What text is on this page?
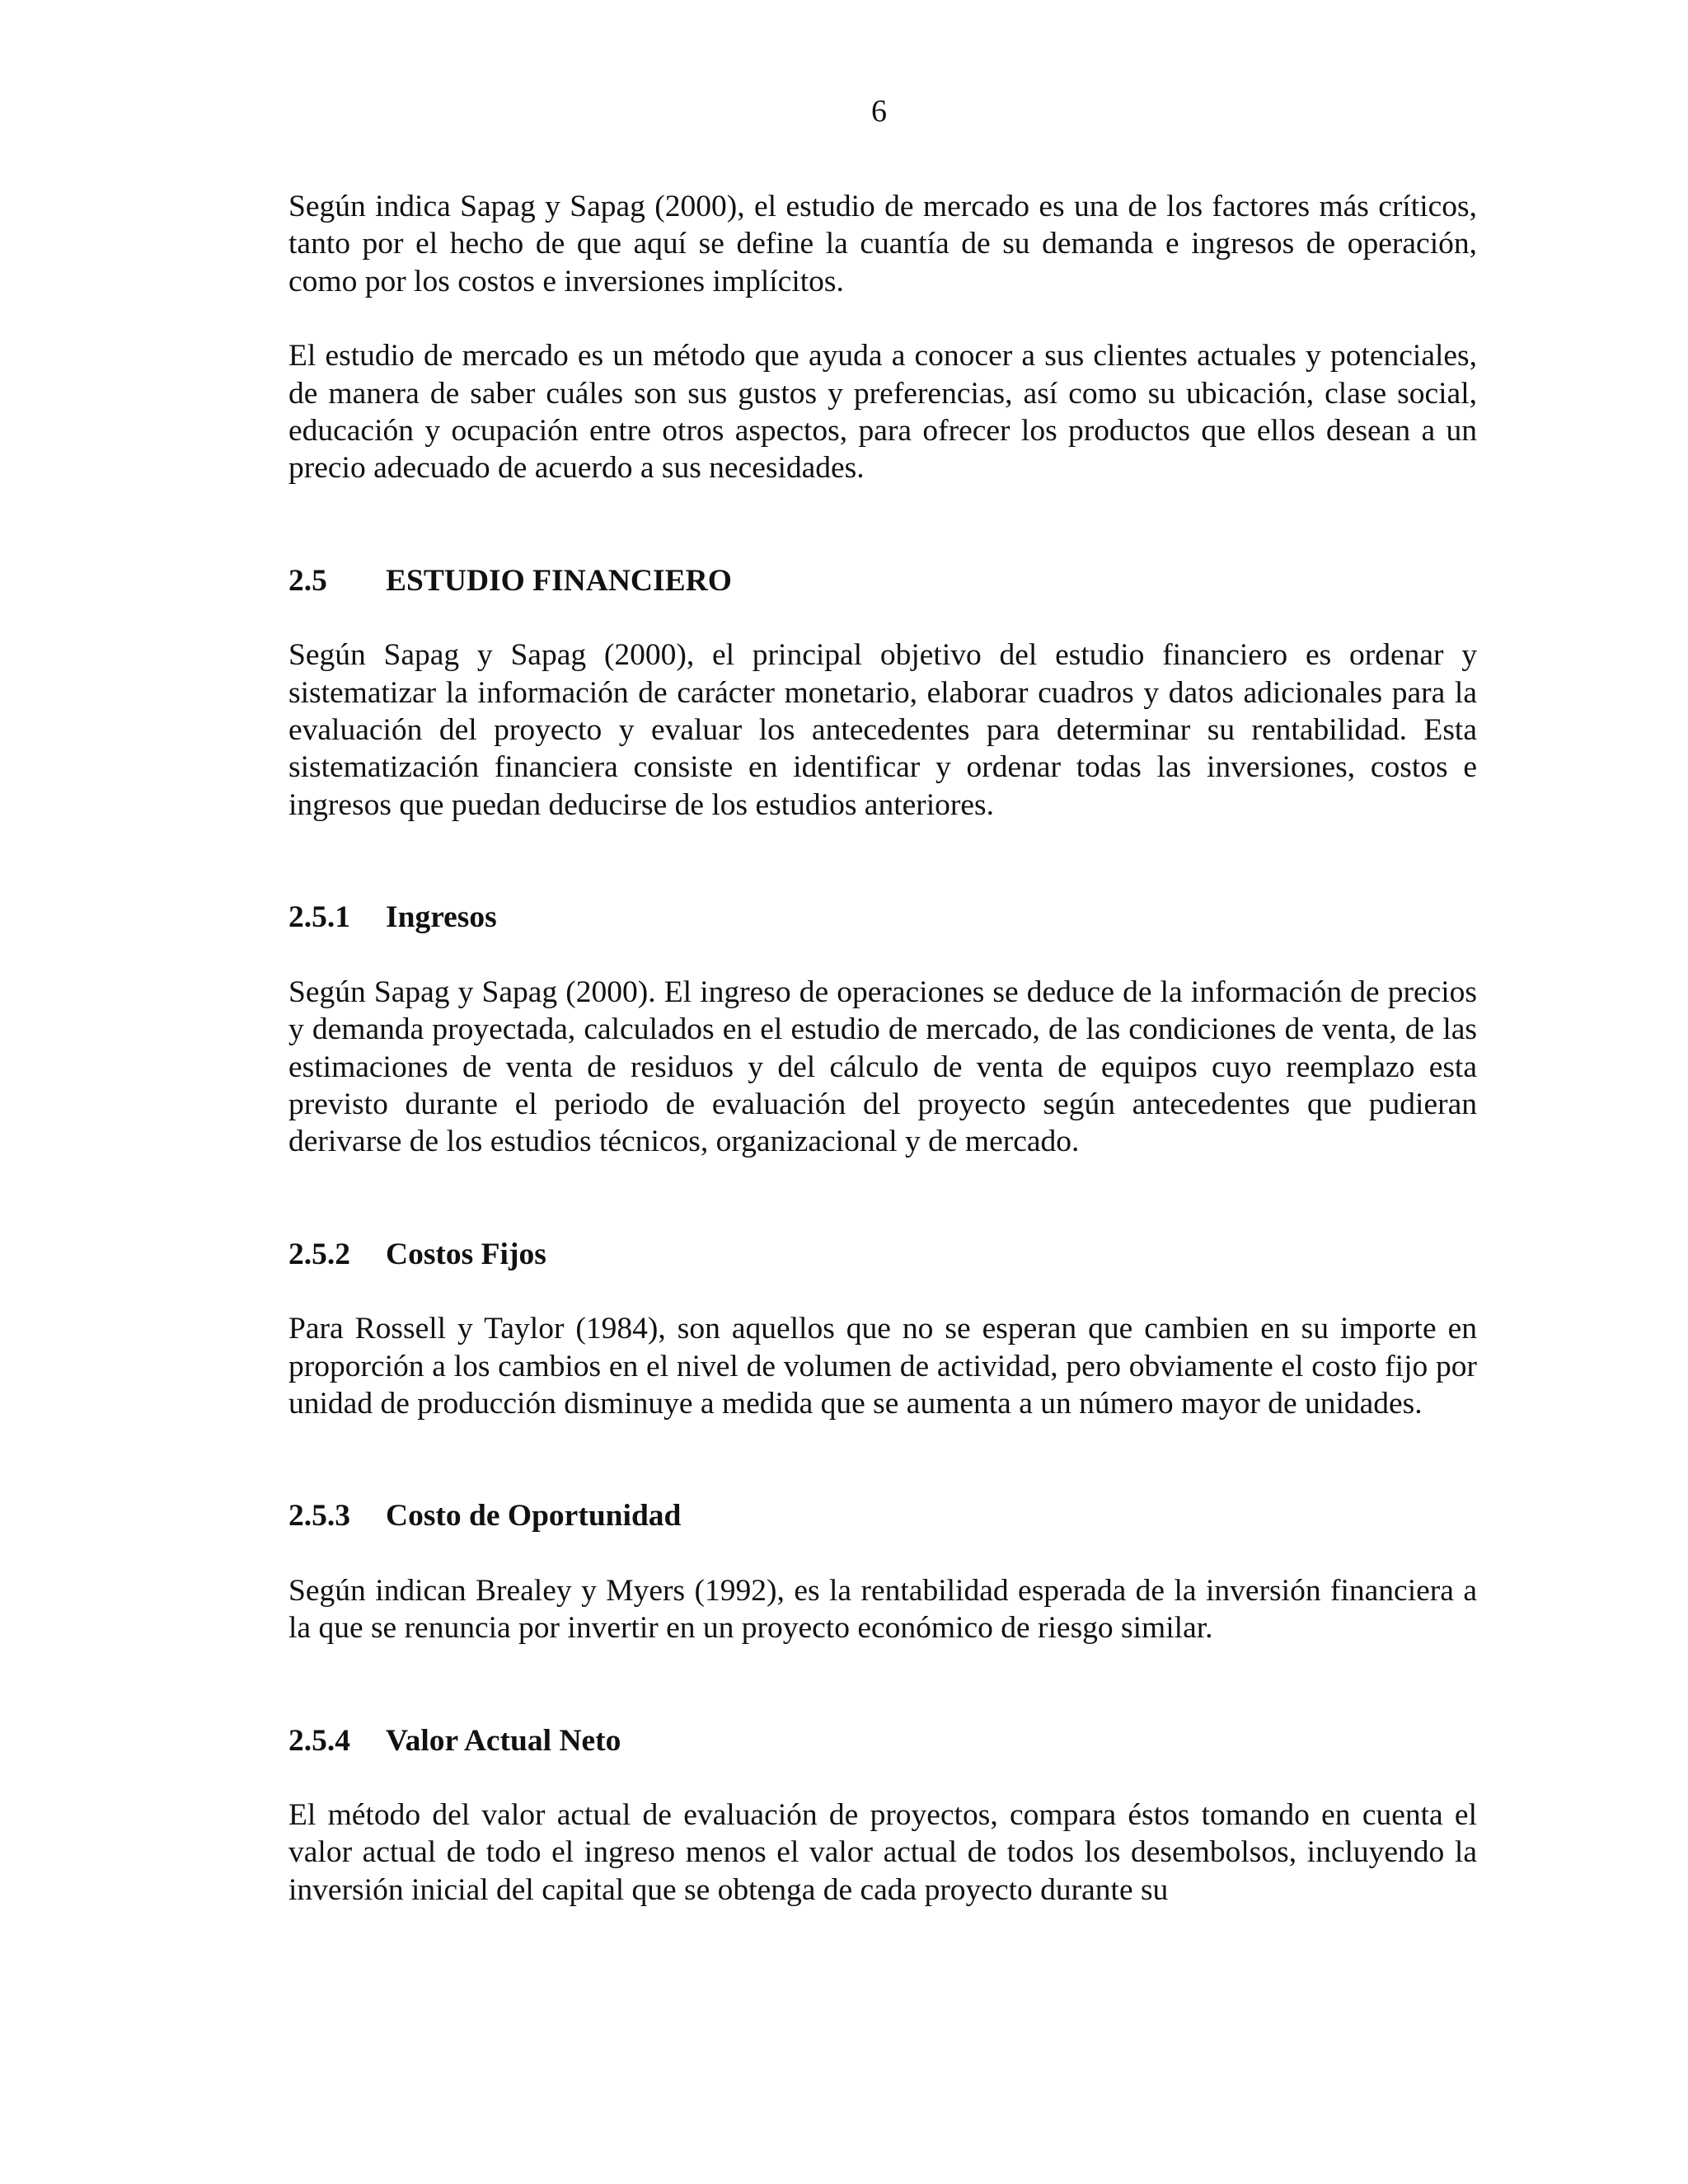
6

Según indica Sapag y Sapag (2000), el estudio de mercado es una de los factores más críticos, tanto por el hecho de que aquí se define la cuantía de su demanda e ingresos de operación, como por los costos e inversiones implícitos.

El estudio de mercado es un método que ayuda a conocer a sus clientes actuales y potenciales, de manera de saber cuáles son sus gustos y preferencias, así como su ubicación, clase social, educación y ocupación entre otros aspectos, para ofrecer los productos que ellos desean a un precio adecuado de acuerdo a sus necesidades.

2.5	ESTUDIO FINANCIERO

Según Sapag y Sapag (2000), el principal objetivo del estudio financiero es ordenar y sistematizar la información de carácter monetario, elaborar cuadros y datos adicionales para la evaluación del proyecto y evaluar los antecedentes para determinar su rentabilidad. Esta sistematización financiera consiste en identificar y ordenar todas las inversiones, costos e ingresos que puedan deducirse de los estudios anteriores.

2.5.1	Ingresos

Según Sapag y Sapag (2000). El ingreso de operaciones se deduce de la información de precios y demanda proyectada, calculados en el estudio de mercado, de las condiciones de venta, de las estimaciones de venta de residuos y del cálculo de venta de equipos cuyo reemplazo esta previsto durante el periodo de evaluación del proyecto según antecedentes que pudieran derivarse de los estudios técnicos, organizacional y de mercado.

2.5.2	Costos Fijos

Para Rossell y Taylor (1984), son aquellos que no se esperan que cambien en su importe en proporción a los cambios en el nivel de volumen de actividad, pero obviamente el costo fijo por unidad de producción disminuye a medida que se aumenta a un número mayor de unidades.

2.5.3	Costo de Oportunidad

Según indican Brealey y Myers (1992), es la rentabilidad esperada de la inversión financiera a la que se renuncia por invertir en un proyecto económico de riesgo similar.

2.5.4	Valor Actual Neto

El método del valor actual de evaluación de proyectos, compara éstos tomando en cuenta el valor actual de todo el ingreso menos el valor actual de todos los desembolsos, incluyendo la inversión inicial del capital que se obtenga de cada proyecto durante su
